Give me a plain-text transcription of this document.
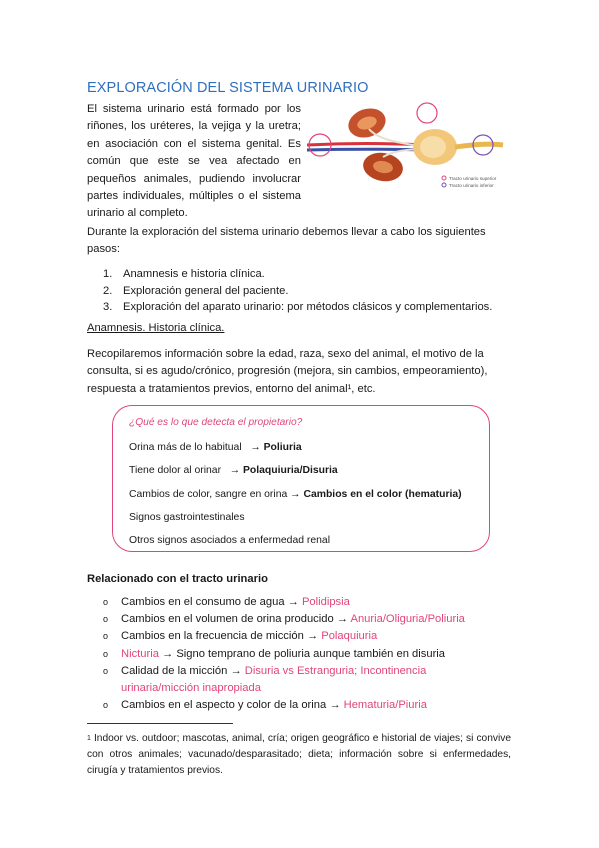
EXPLORACIÓN DEL SISTEMA URINARIO
El sistema urinario está formado por los riñones, los uréteres, la vejiga y la uretra; en asociación con el sistema genital. Es común que este se vea afectado en pequeños animales, pudiendo involucrar partes individuales, múltiples o el sistema urinario al completo.
Tracto urinario superior
Tracto urinario inferior
Durante la exploración del sistema urinario debemos llevar a cabo los siguientes pasos:
1. Anamnesis e historia clínica.
2. Exploración general del paciente.
3. Exploración del aparato urinario: por métodos clásicos y complementarios.
Anamnesis. Historia clínica.
Recopilaremos información sobre la edad, raza, sexo del animal, el motivo de la consulta, si es agudo/crónico, progresión (mejora, sin cambios, empeoramiento), respuesta a tratamientos previos, entorno del animal¹, etc.
¿Qué es lo que detecta el propietario?
Orina más de lo habitual → Poliuria
Tiene dolor al orinar → Polaquiuria/Disuria
Cambios de color, sangre en orina → Cambios en el color (hematuria)
Signos gastrointestinales
Otros signos asociados a enfermedad renal
Relacionado con el tracto urinario
o Cambios en el consumo de agua → Polidipsia
o Cambios en el volumen de orina producido → Anuria/Oliguria/Poliuria
o Cambios en la frecuencia de micción → Polaquiuria
o Nicturia → Signo temprano de poliuria aunque también en disuria
o Calidad de la micción → Disuria vs Estranguria; Incontinencia urinaria/micción inapropiada
o Cambios en el aspecto y color de la orina → Hematuria/Piuria
$^1$ Indoor vs. outdoor; mascotas, animal, cría; origen geográfico e historial de viajes; si convive con otros animales; vacunado/desparasitado; dieta; información sobre si enfermedades, cirugía y tratamientos previos.
